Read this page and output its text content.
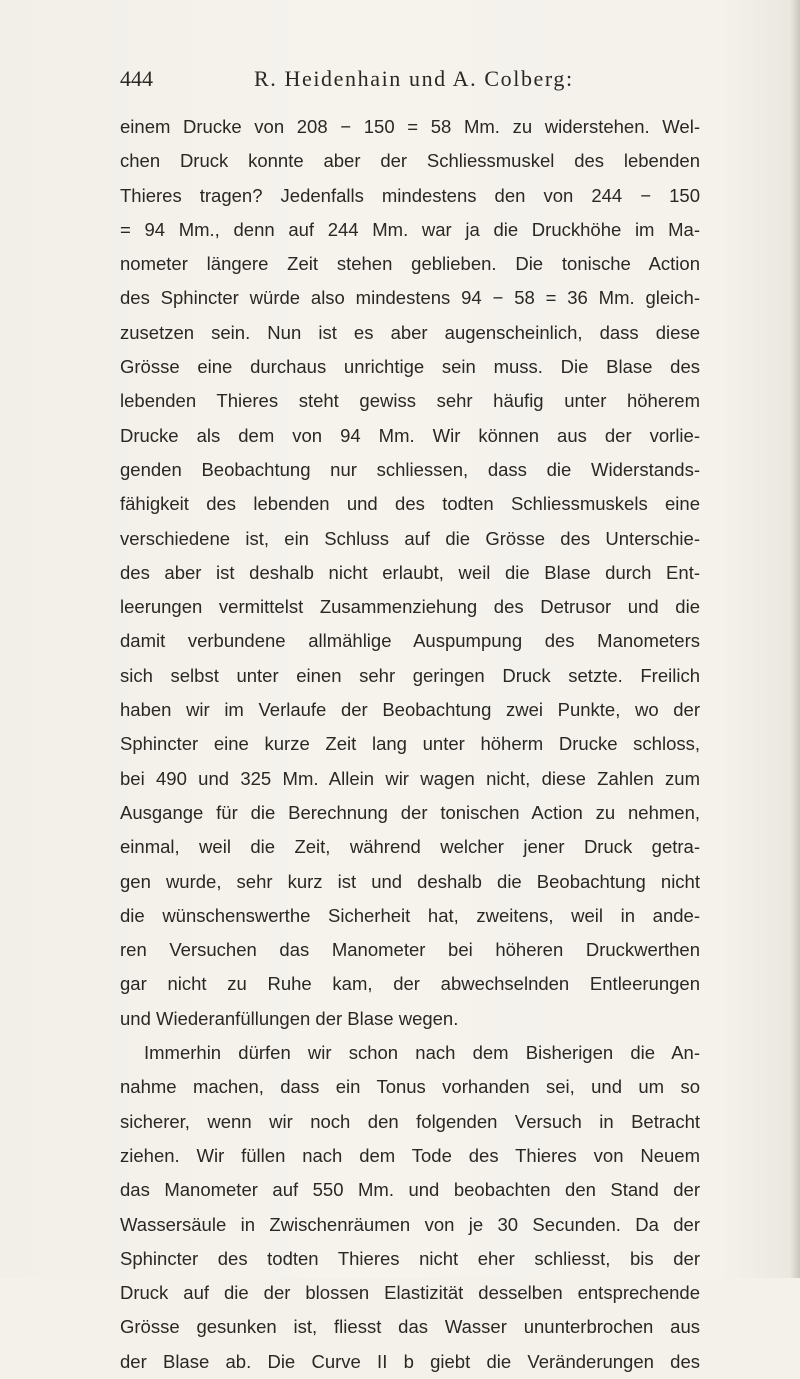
444	R. Heidenhain und A. Colberg:
einem Drucke von 208 − 150 = 58 Mm. zu widerstehen. Wel-
chen Druck konnte aber der Schliessmuskel des lebenden
Thieres tragen? Jedenfalls mindestens den von 244 − 150
= 94 Mm., denn auf 244 Mm. war ja die Druckhöhe im Ma-
nometer längere Zeit stehen geblieben. Die tonische Action
des Sphincter würde also mindestens 94 − 58 = 36 Mm. gleich-
zusetzen sein. Nun ist es aber augenscheinlich, dass diese
Grösse eine durchaus unrichtige sein muss. Die Blase des
lebenden Thieres steht gewiss sehr häufig unter höherem
Drucke als dem von 94 Mm. Wir können aus der vorlie-
genden Beobachtung nur schliessen, dass die Widerstands-
fähigkeit des lebenden und des todten Schliessmuskels eine
verschiedene ist, ein Schluss auf die Grösse des Unterschie-
des aber ist deshalb nicht erlaubt, weil die Blase durch Ent-
leerungen vermittelst Zusammenziehung des Detrusor und die
damit verbundene allmählige Auspumpung des Manometers
sich selbst unter einen sehr geringen Druck setzte. Freilich
haben wir im Verlaufe der Beobachtung zwei Punkte, wo der
Sphincter eine kurze Zeit lang unter höherm Drucke schloss,
bei 490 und 325 Mm. Allein wir wagen nicht, diese Zahlen zum
Ausgange für die Berechnung der tonischen Action zu nehmen,
einmal, weil die Zeit, während welcher jener Druck getra-
gen wurde, sehr kurz ist und deshalb die Beobachtung nicht
die wünschenswerthe Sicherheit hat, zweitens, weil in ande-
ren Versuchen das Manometer bei höheren Druckwerthen
gar nicht zu Ruhe kam, der abwechselnden Entleerungen
und Wiederanfüllungen der Blase wegen.
Immerhin dürfen wir schon nach dem Bisherigen die An-
nahme machen, dass ein Tonus vorhanden sei, und um so
sicherer, wenn wir noch den folgenden Versuch in Betracht
ziehen. Wir füllen nach dem Tode des Thieres von Neuem
das Manometer auf 550 Mm. und beobachten den Stand der
Wassersäule in Zwischenräumen von je 30 Secunden. Da der
Sphincter des todten Thieres nicht eher schliesst, bis der
Druck auf die der blossen Elastizität desselben entsprechende
Grösse gesunken ist, fliesst das Wasser ununterbrochen aus
der Blase ab. Die Curve II b giebt die Veränderungen des
